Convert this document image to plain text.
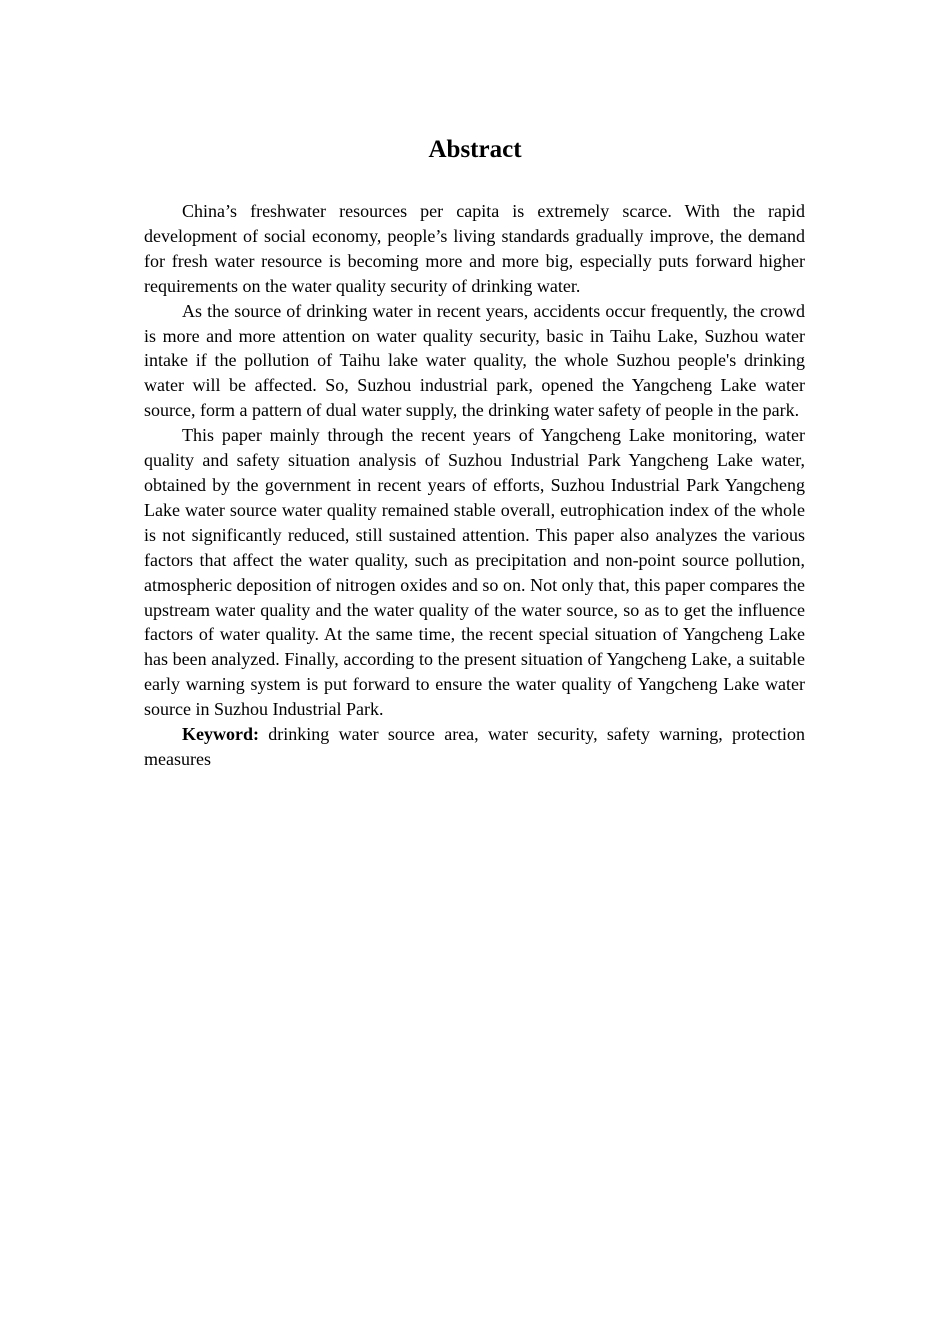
Abstract

China’s freshwater resources per capita is extremely scarce. With the rapid development of social economy, people’s living standards gradually improve, the demand for fresh water resource is becoming more and more big, especially puts forward higher requirements on the water quality security of drinking water.

As the source of drinking water in recent years, accidents occur frequently, the crowd is more and more attention on water quality security, basic in Taihu Lake, Suzhou water intake if the pollution of Taihu lake water quality, the whole Suzhou people's drinking water will be affected. So, Suzhou industrial park, opened the Yangcheng Lake water source, form a pattern of dual water supply, the drinking water safety of people in the park.

This paper mainly through the recent years of Yangcheng Lake monitoring, water quality and safety situation analysis of Suzhou Industrial Park Yangcheng Lake water, obtained by the government in recent years of efforts, Suzhou Industrial Park Yangcheng Lake water source water quality remained stable overall, eutrophication index of the whole is not significantly reduced, still sustained attention. This paper also analyzes the various factors that affect the water quality, such as precipitation and non-point source pollution, atmospheric deposition of nitrogen oxides and so on. Not only that, this paper compares the upstream water quality and the water quality of the water source, so as to get the influence factors of water quality. At the same time, the recent special situation of Yangcheng Lake has been analyzed. Finally, according to the present situation of Yangcheng Lake, a suitable early warning system is put forward to ensure the water quality of Yangcheng Lake water source in Suzhou Industrial Park.

Keyword: drinking water source area, water security, safety warning, protection measures
